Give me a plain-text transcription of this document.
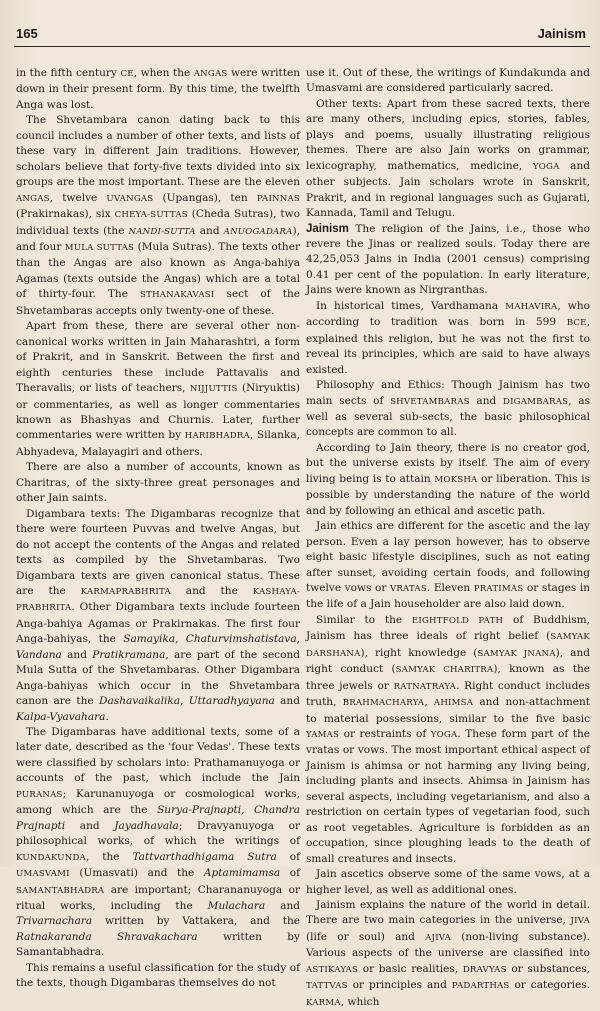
165	Jainism

in the fifth century CE, when the ANGAS were written down in their present form. By this time, the twelfth Anga was lost.

The Shvetambara canon dating back to this council includes a number of other texts, and lists of these vary in different Jain traditions. However, scholars believe that forty-five texts divided into six groups are the most important. These are the eleven ANGAS, twelve UVANGAS (Upangas), ten PAINNAS (Prakirnakas), six CHEYA-SUTTAS (Cheda Sutras), two individual texts (the NANDI-SUTTA and ANUOGADARA), and four MULA SUTTAS (Mula Sutras). The texts other than the Angas are also known as Anga-bahiya Agamas (texts outside the Angas) which are a total of thirty-four. The STHANAKAVASI sect of the Shvetambaras accepts only twenty-one of these.

Apart from these, there are several other non-canonical works written in Jain Maharashtri, a form of Prakrit, and in Sanskrit. Between the first and eighth centuries these include Pattavalis and Theravalis, or lists of teachers, NIJJUTTIS (Niryuktis) or commentaries, as well as longer commentaries known as Bhashyas and Churnis. Later, further commentaries were written by HARIBHADRA, Silanka, Abhyadeva, Malayagiri and others.

There are also a number of accounts, known as Charitras, of the sixty-three great personages and other Jain saints.

Digambara texts: The Digambaras recognize that there were fourteen Puvvas and twelve Angas, but do not accept the contents of the Angas and related texts as compiled by the Shvetambaras. Two Digambara texts are given canonical status. These are the KARMAPRABHRITA and the KASHAYA-PRABHRITA. Other Digambara texts include fourteen Anga-bahiya Agamas or Prakirnakas. The first four Anga-bahiyas, the Samayika, Chaturvimshatistava, Vandana and Pratikramana, are part of the second Mula Sutta of the Shvetambaras. Other Digambara Anga-bahiyas which occur in the Shvetambara canon are the Dashavaikalika, Uttaradhyayana and Kalpa-Vyavahara.

The Digambaras have additional texts, some of a later date, described as the 'four Vedas'. These texts were classified by scholars into: Prathamanuyoga or accounts of the past, which include the Jain PURANAS; Karunanuyoga or cosmological works, among which are the Surya-Prajnapti, Chandra Prajnapti and Jayadhavala; Dravyanuyoga or philosophical works, of which the writings of KUNDAKUNDA, the Tattvarthadhigama Sutra of UMASVAMI (Umasvati) and the Aptamimamsa of SAMANTABHADRA are important; Charananuyoga or ritual works, including the Mulachara and Trivarnachara written by Vattakera, and the Ratnakaranda Shravakachara written by Samantabhadra.

This remains a useful classification for the study of the texts, though Digambaras themselves do not

use it. Out of these, the writings of Kundakunda and Umasvami are considered particularly sacred.

Other texts: Apart from these sacred texts, there are many others, including epics, stories, fables, plays and poems, usually illustrating religious themes. There are also Jain works on grammar, lexicography, mathematics, medicine, YOGA and other subjects. Jain scholars wrote in Sanskrit, Prakrit, and in regional languages such as Gujarati, Kannada, Tamil and Telugu.

Jainism The religion of the Jains, i.e., those who revere the Jinas or realized souls. Today there are 42,25,053 Jains in India (2001 census) comprising 0.41 per cent of the population. In early literature, Jains were known as Nirgranthas.

In historical times, Vardhamana MAHAVIRA, who according to tradition was born in 599 BCE, explained this religion, but he was not the first to reveal its principles, which are said to have always existed.

Philosophy and Ethics: Though Jainism has two main sects of SHVETAMBARAS and DIGAMBARAS, as well as several sub-sects, the basic philosophical concepts are common to all.

According to Jain theory, there is no creator god, but the universe exists by itself. The aim of every living being is to attain MOKSHA or liberation. This is possible by understanding the nature of the world and by following an ethical and ascetic path.

Jain ethics are different for the ascetic and the lay person. Even a lay person however, has to observe eight basic lifestyle disciplines, such as not eating after sunset, avoiding certain foods, and following twelve vows or VRATAS. Eleven PRATIMAS or stages in the life of a Jain householder are also laid down.

Similar to the EIGHTFOLD PATH of Buddhism, Jainism has three ideals of right belief (SAMYAK DARSHANA), right knowledge (SAMYAK JNANA), and right conduct (SAMYAK CHARITRA), known as the three jewels or RATNATRAYA. Right conduct includes truth, BRAHMACHARYA, AHIMSA and non-attachment to material possessions, similar to the five basic YAMAS or restraints of YOGA. These form part of the vratas or vows. The most important ethical aspect of Jainism is ahimsa or not harming any living being, including plants and insects. Ahimsa in Jainism has several aspects, including vegetarianism, and also a restriction on certain types of vegetarian food, such as root vegetables. Agriculture is forbidden as an occupation, since ploughing leads to the death of small creatures and insects.

Jain ascetics observe some of the same vows, at a higher level, as well as additional ones.

Jainism explains the nature of the world in detail. There are two main categories in the universe, JIVA (life or soul) and AJIVA (non-living substance). Various aspects of the universe are classified into ASTIKAYAS or basic realities, DRAVYAS or substances, TATTVAS or principles and PADARTHAS or categories. KARMA, which
